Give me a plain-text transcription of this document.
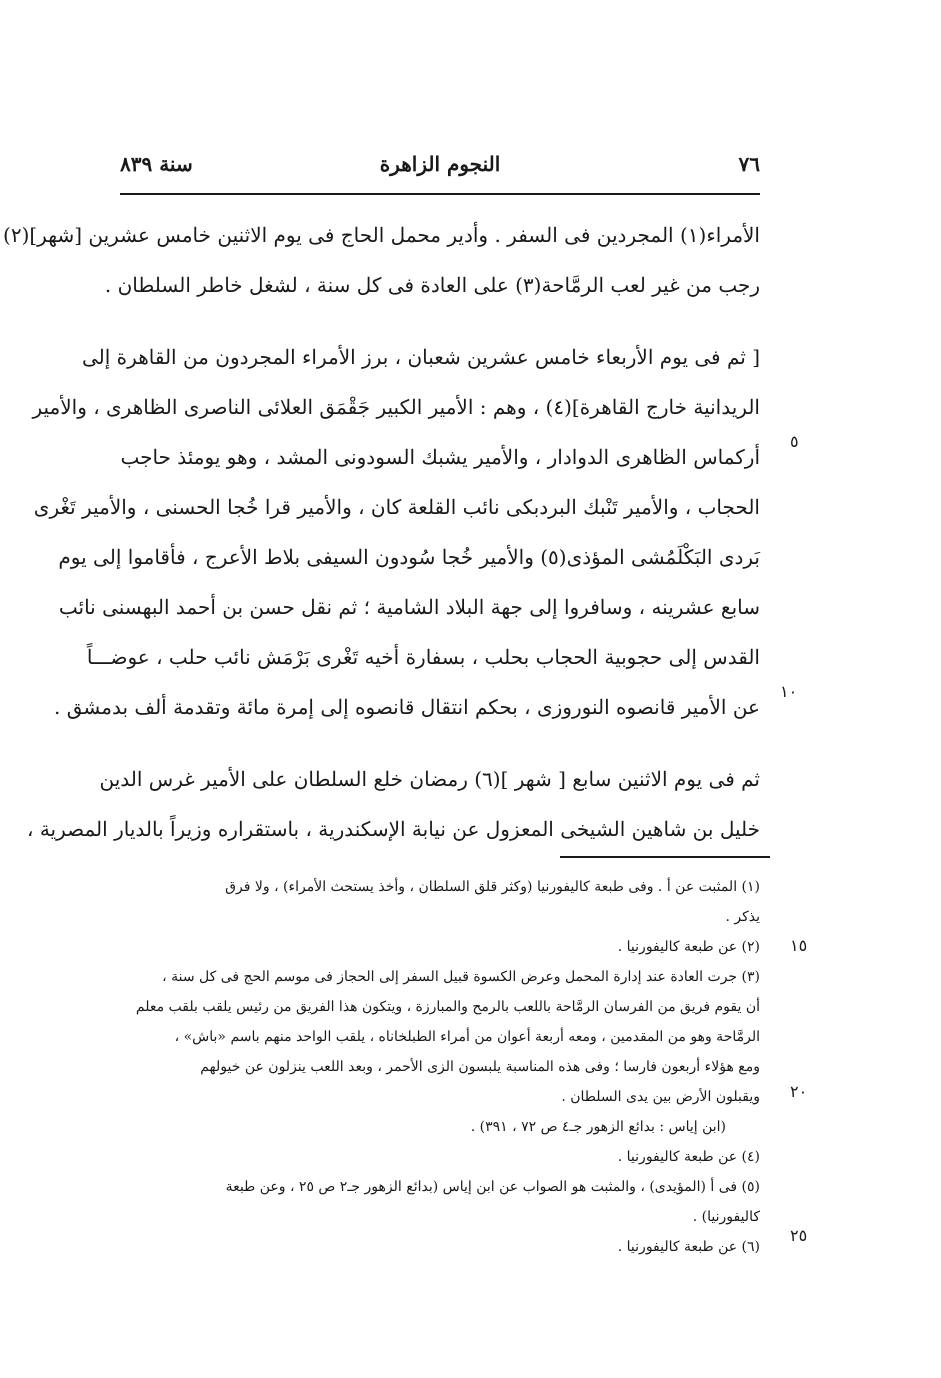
٧٦
النجوم الزاهرة
سنة ٨٣٩
الأمراء(١) المجردين فى السفر . وأدير محمل الحاج فى يوم الاثنين خامس عشرين [شهر](٢)
رجب من غير لعب الرمَّاحة(٣) على العادة فى كل سنة ، لشغل خاطر السلطان .
[ ثم فى يوم الأربعاء خامس عشرين شعبان ، برز الأمراء المجردون من القاهرة إلى
الريدانية خارج القاهرة](٤) ، وهم : الأمير الكبير جَقْمَق العلائى الناصرى الظاهرى ، والأمير
أركماس الظاهرى الدوادار ، والأمير يشبك السودونى المشد ، وهو يومئذ حاجب
الحجاب ، والأمير تَنْبك البردبكى نائب القلعة كان ، والأمير قرا خُجا الحسنى ، والأمير تَغْرى
بَردى البَكْلَمُشى المؤذى(٥) والأمير خُجا سُودون السيفى بلاط الأعرج ، فأقاموا إلى يوم
سابع عشرينه ، وسافروا إلى جهة البلاد الشامية ؛ ثم نقل حسن بن أحمد البهسنى نائب
القدس إلى حجوبية الحجاب بحلب ، بسفارة أخيه تَغْرى بَرْمَش نائب حلب ، عوضـــاً
عن الأمير قانصوه النوروزى ، بحكم انتقال قانصوه إلى إمرة مائة وتقدمة ألف بدمشق .
ثم فى يوم الاثنين سابع [ شهر ](٦) رمضان خلع السلطان على الأمير غرس الدين
خليل بن شاهين الشيخى المعزول عن نيابة الإسكندرية ، باستقراره وزيراً بالديار المصرية ،
٥
١٠
(١) المثبت عن أ . وفى طبعة كاليفورنيا (وكثر قلق السلطان ، وأخذ يستحث الأمراء) ، ولا فرق
يذكر .
(٢) عن طبعة كاليفورنيا .
(٣) جرت العادة عند إدارة المحمل وعرض الكسوة قبيل السفر إلى الحجاز فى موسم الحج فى كل سنة ،
أن يقوم فريق من الفرسان الرمَّاحة باللعب بالرمح والمبارزة ، ويتكون هذا الفريق من رئيس يلقب بلقب معلم
الرمَّاحة وهو من المقدمين ، ومعه أربعة أعوان من أمراء الطبلخاناه ، يلقب الواحد منهم باسم «باش» ،
ومع هؤلاء أربعون فارسا ؛ وفى هذه المناسبة يلبسون الزى الأحمر ، وبعد اللعب ينزلون عن خيولهم
ويقبلون الأرض بين يدى السلطان .
(ابن إياس : بدائع الزهور جـ٤ ص ٧٢ ، ٣٩١) .
(٤) عن طبعة كاليفورنيا .
(٥) فى أ (المؤيدى) ، والمثبت هو الصواب عن ابن إياس (بدائع الزهور جـ٢ ص ٢٥ ، وعن طبعة
كاليفورنيا) .
(٦) عن طبعة كاليفورنيا .
١٥
٢٠
٢٥
